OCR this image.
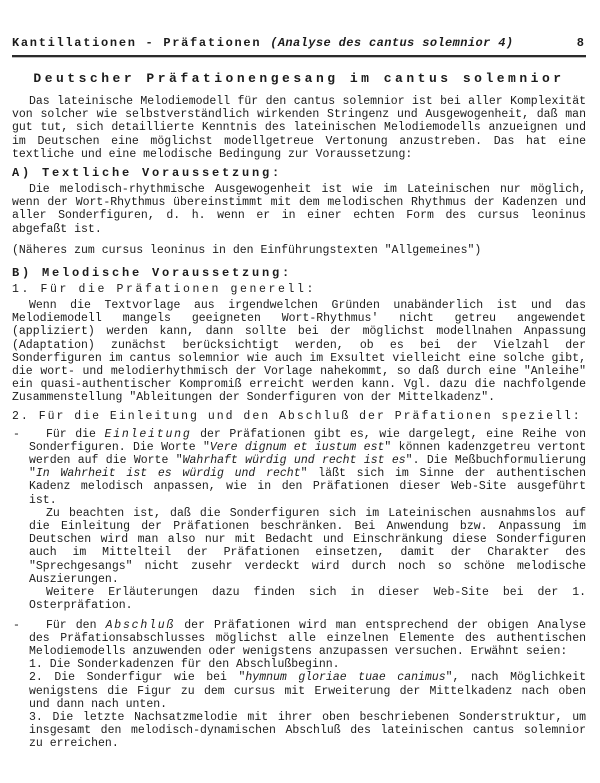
Kantillationen - Präfationen (Analyse des cantus solemnior 4)	8
Deutscher Präfationengesang im cantus solemnior

Das lateinische Melodiemodell für den cantus solemnior ist bei aller Komplexität von solcher wie selbstverständlich wirkenden Stringenz und Ausgewogenheit, daß man gut tut, sich detaillierte Kenntnis des lateinischen Melodiemodells anzueignen und im Deutschen eine möglichst modellgetreue Vertonung anzustreben. Das hat eine textliche und eine melodische Bedingung zur Voraussetzung:

A) Textliche Voraussetzung:

Die melodisch-rhythmische Ausgewogenheit ist wie im Lateinischen nur möglich, wenn der Wort-Rhythmus übereinstimmt mit dem melodischen Rhythmus der Kadenzen und aller Sonderfiguren, d. h. wenn er in einer echten Form des cursus leoninus abgefaßt ist.

(Näheres zum cursus leoninus in den Einführungstexten "Allgemeines")

B) Melodische Voraussetzung:
1. Für die Präfationen generell:

Wenn die Textvorlage aus irgendwelchen Gründen unabänderlich ist und das Melodiemodell mangels geeigneten Wort-Rhythmus' nicht getreu angewendet (appliziert) werden kann, dann sollte bei der möglichst modellnahen Anpassung (Adaptation) zunächst berücksichtigt werden, ob es bei der Vielzahl der Sonderfiguren im cantus solemnior wie auch im Exsultet vielleicht eine solche gibt, die wort- und melodierhythmisch der Vorlage nahekommt, so daß durch eine "Anleihe" ein quasi-authentischer Kompromiß erreicht werden kann. Vgl. dazu die nachfolgende Zusammenstellung "Ableitungen der Sonderfiguren von der Mittelkadenz".

2. Für die Einleitung und den Abschluß der Präfationen speziell:
-	Für die Einleitung der Präfationen gibt es, wie dargelegt, eine Reihe von Sonderfiguren. Die Worte "Vere dignum et iustum est" können kadenzgetreu vertont werden auf die Worte "Wahrhaft würdig und recht ist es". Die Meßbuchformulierung "In Wahrheit ist es würdig und recht" läßt sich im Sinne der authentischen Kadenz melodisch anpassen, wie in den Präfationen dieser Web-Site ausgeführt ist.

Zu beachten ist, daß die Sonderfiguren sich im Lateinischen ausnahmslos auf die Einleitung der Präfationen beschränken. Bei Anwendung bzw. Anpassung im Deutschen wird man also nur mit Bedacht und Einschränkung diese Sonderfiguren auch im Mittelteil der Präfationen einsetzen, damit der Charakter des "Sprechgesangs" nicht zusehr verdeckt wird durch noch so schöne melodische Auszierungen.

Weitere Erläuterungen dazu finden sich in dieser Web-Site bei der 1. Osterpräfation.

-	Für den Abschluß der Präfationen wird man entsprechend der obigen Analyse des Präfationsabschlusses möglichst alle einzelnen Elemente des authentischen Melodiemodells anzuwenden oder wenigstens anzupassen versuchen. Erwähnt seien:

1. Die Sonderkadenzen für den Abschlußbeginn.

2. Die Sonderfigur wie bei "hymnum gloriae tuae canimus", nach Möglichkeit wenigstens die Figur zu dem cursus mit Erweiterung der Mittelkadenz nach oben und dann nach unten.

3. Die letzte Nachsatzmelodie mit ihrer oben beschriebenen Sonderstruktur, um insgesamt den melodisch-dynamischen Abschluß des lateinischen cantus solemnior zu erreichen.
